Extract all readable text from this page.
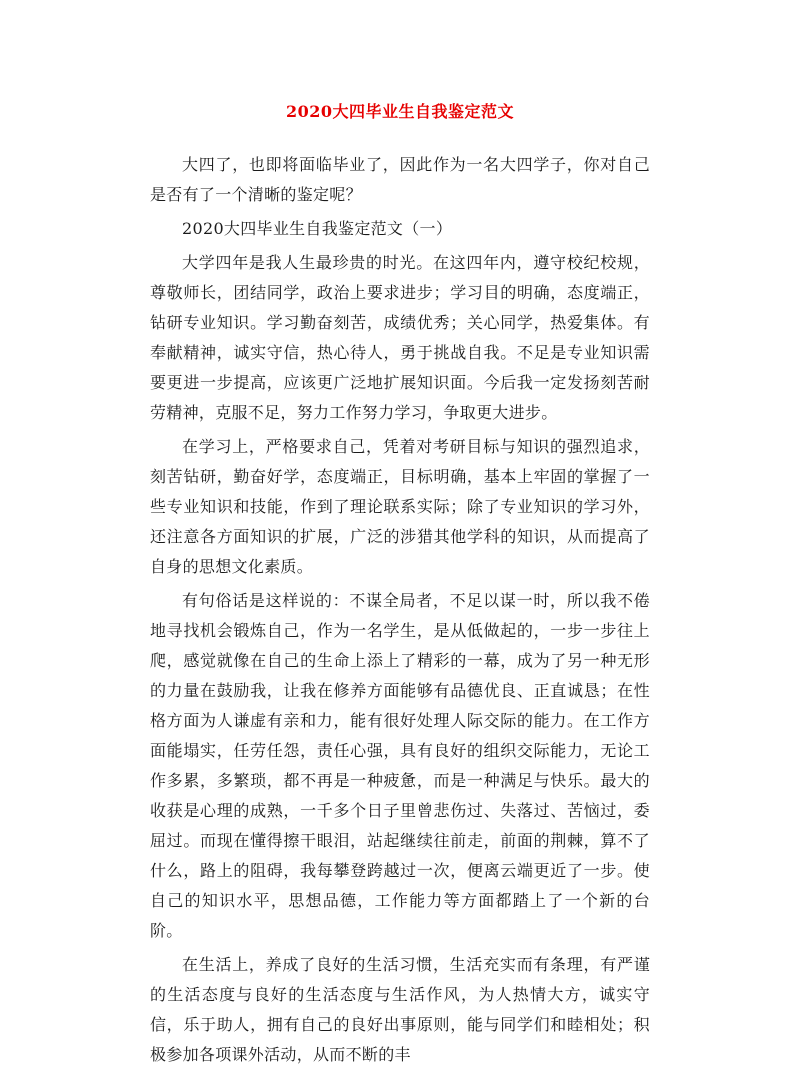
2020大四毕业生自我鉴定范文

大四了，也即将面临毕业了，因此作为一名大四学子，你对自己是否有了一个清晰的鉴定呢？

2020大四毕业生自我鉴定范文（一）

大学四年是我人生最珍贵的时光。在这四年内，遵守校纪校规，尊敬师长，团结同学，政治上要求进步；学习目的明确，态度端正，钻研专业知识。学习勤奋刻苦，成绩优秀；关心同学，热爱集体。有奉献精神，诚实守信，热心待人，勇于挑战自我。不足是专业知识需要更进一步提高，应该更广泛地扩展知识面。今后我一定发扬刻苦耐劳精神，克服不足，努力工作努力学习，争取更大进步。

在学习上，严格要求自己，凭着对考研目标与知识的强烈追求，刻苦钻研，勤奋好学，态度端正，目标明确，基本上牢固的掌握了一些专业知识和技能，作到了理论联系实际；除了专业知识的学习外，还注意各方面知识的扩展，广泛的涉猎其他学科的知识，从而提高了自身的思想文化素质。

有句俗话是这样说的：不谋全局者，不足以谋一时，所以我不倦地寻找机会锻炼自己，作为一名学生，是从低做起的，一步一步往上爬，感觉就像在自己的生命上添上了精彩的一幕，成为了另一种无形的力量在鼓励我，让我在修养方面能够有品德优良、正直诚恳；在性格方面为人谦虚有亲和力，能有很好处理人际交际的能力。在工作方面能塌实，任劳任怨，责任心强，具有良好的组织交际能力，无论工作多累，多繁琐，都不再是一种疲惫，而是一种满足与快乐。最大的收获是心理的成熟，一千多个日子里曾悲伤过、失落过、苦恼过，委屈过。而现在懂得擦干眼泪，站起继续往前走，前面的荆棘，算不了什么，路上的阻碍，我每攀登跨越过一次，便离云端更近了一步。使自己的知识水平，思想品德，工作能力等方面都踏上了一个新的台阶。

在生活上，养成了良好的生活习惯，生活充实而有条理，有严谨的生活态度与良好的生活态度与生活作风，为人热情大方，诚实守信，乐于助人，拥有自己的良好出事原则，能与同学们和睦相处；积极参加各项课外活动，从而不断的丰
